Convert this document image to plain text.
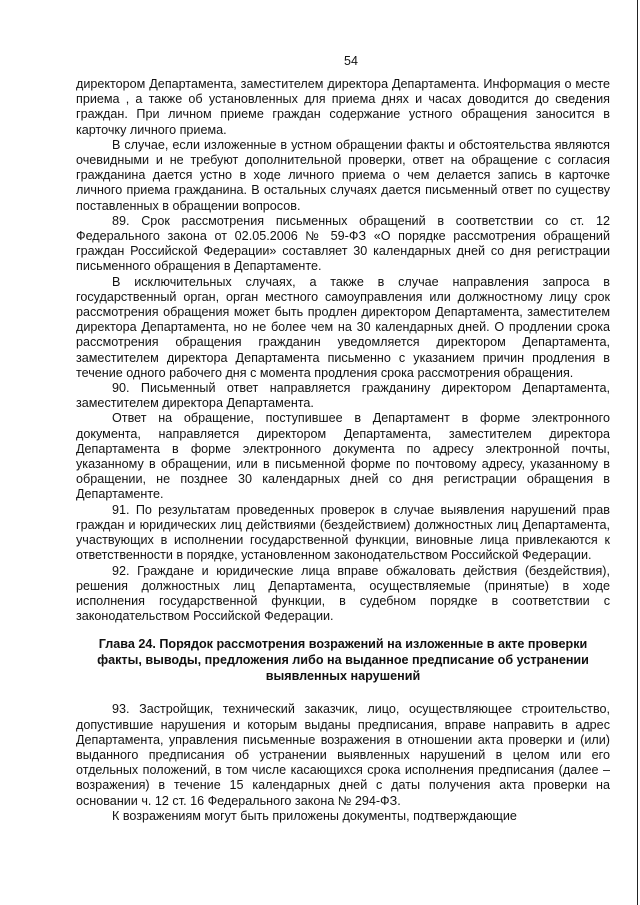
54

директором Департамента, заместителем директора Департамента. Информация о месте приема , а также об установленных для приема днях и часах доводится до сведения граждан. При личном приеме граждан содержание устного обращения заносится в карточку личного приема.

В случае, если изложенные в устном обращении факты и обстоятельства являются очевидными и не требуют дополнительной проверки, ответ на обращение с согласия гражданина дается устно в ходе личного приема о чем делается запись в карточке личного приема гражданина. В остальных случаях дается письменный ответ по существу поставленных в обращении вопросов.

89. Срок рассмотрения письменных обращений в соответствии со ст. 12 Федерального закона от 02.05.2006 № 59-ФЗ «О порядке рассмотрения обращений граждан Российской Федерации» составляет 30 календарных дней со дня регистрации письменного обращения в Департаменте.

В исключительных случаях, а также в случае направления запроса в государственный орган, орган местного самоуправления или должностному лицу срок рассмотрения обращения может быть продлен директором Департамента, заместителем директора Департамента, но не более чем на 30 календарных дней. О продлении срока рассмотрения обращения гражданин уведомляется директором Департамента, заместителем директора Департамента письменно с указанием причин продления в течение одного рабочего дня с момента продления срока рассмотрения обращения.

90. Письменный ответ направляется гражданину директором Департамента, заместителем директора Департамента.

Ответ на обращение, поступившее в Департамент в форме электронного документа, направляется директором Департамента, заместителем директора Департамента в форме электронного документа по адресу электронной почты, указанному в обращении, или в письменной форме по почтовому адресу, указанному в обращении, не позднее 30 календарных дней со дня регистрации обращения в Департаменте.

91. По результатам проведенных проверок в случае выявления нарушений прав граждан и юридических лиц действиями (бездействием) должностных лиц Департамента, участвующих в исполнении государственной функции, виновные лица привлекаются к ответственности в порядке, установленном законодательством Российской Федерации.

92. Граждане и юридические лица вправе обжаловать действия (бездействия), решения должностных лиц Департамента, осуществляемые (принятые) в ходе исполнения государственной функции, в судебном порядке в соответствии с законодательством Российской Федерации.

Глава 24. Порядок рассмотрения возражений на изложенные в акте проверки факты, выводы, предложения либо на выданное предписание об устранении выявленных нарушений

93. Застройщик, технический заказчик, лицо, осуществляющее строительство, допустившие нарушения и которым выданы предписания, вправе направить в адрес Департамента, управления письменные возражения в отношении акта проверки и (или) выданного предписания об устранении выявленных нарушений в целом или его отдельных положений, в том числе касающихся срока исполнения предписания (далее – возражения) в течение 15 календарных дней с даты получения акта проверки на основании ч. 12 ст. 16 Федерального закона № 294-ФЗ.

К возражениям могут быть приложены документы, подтверждающие
